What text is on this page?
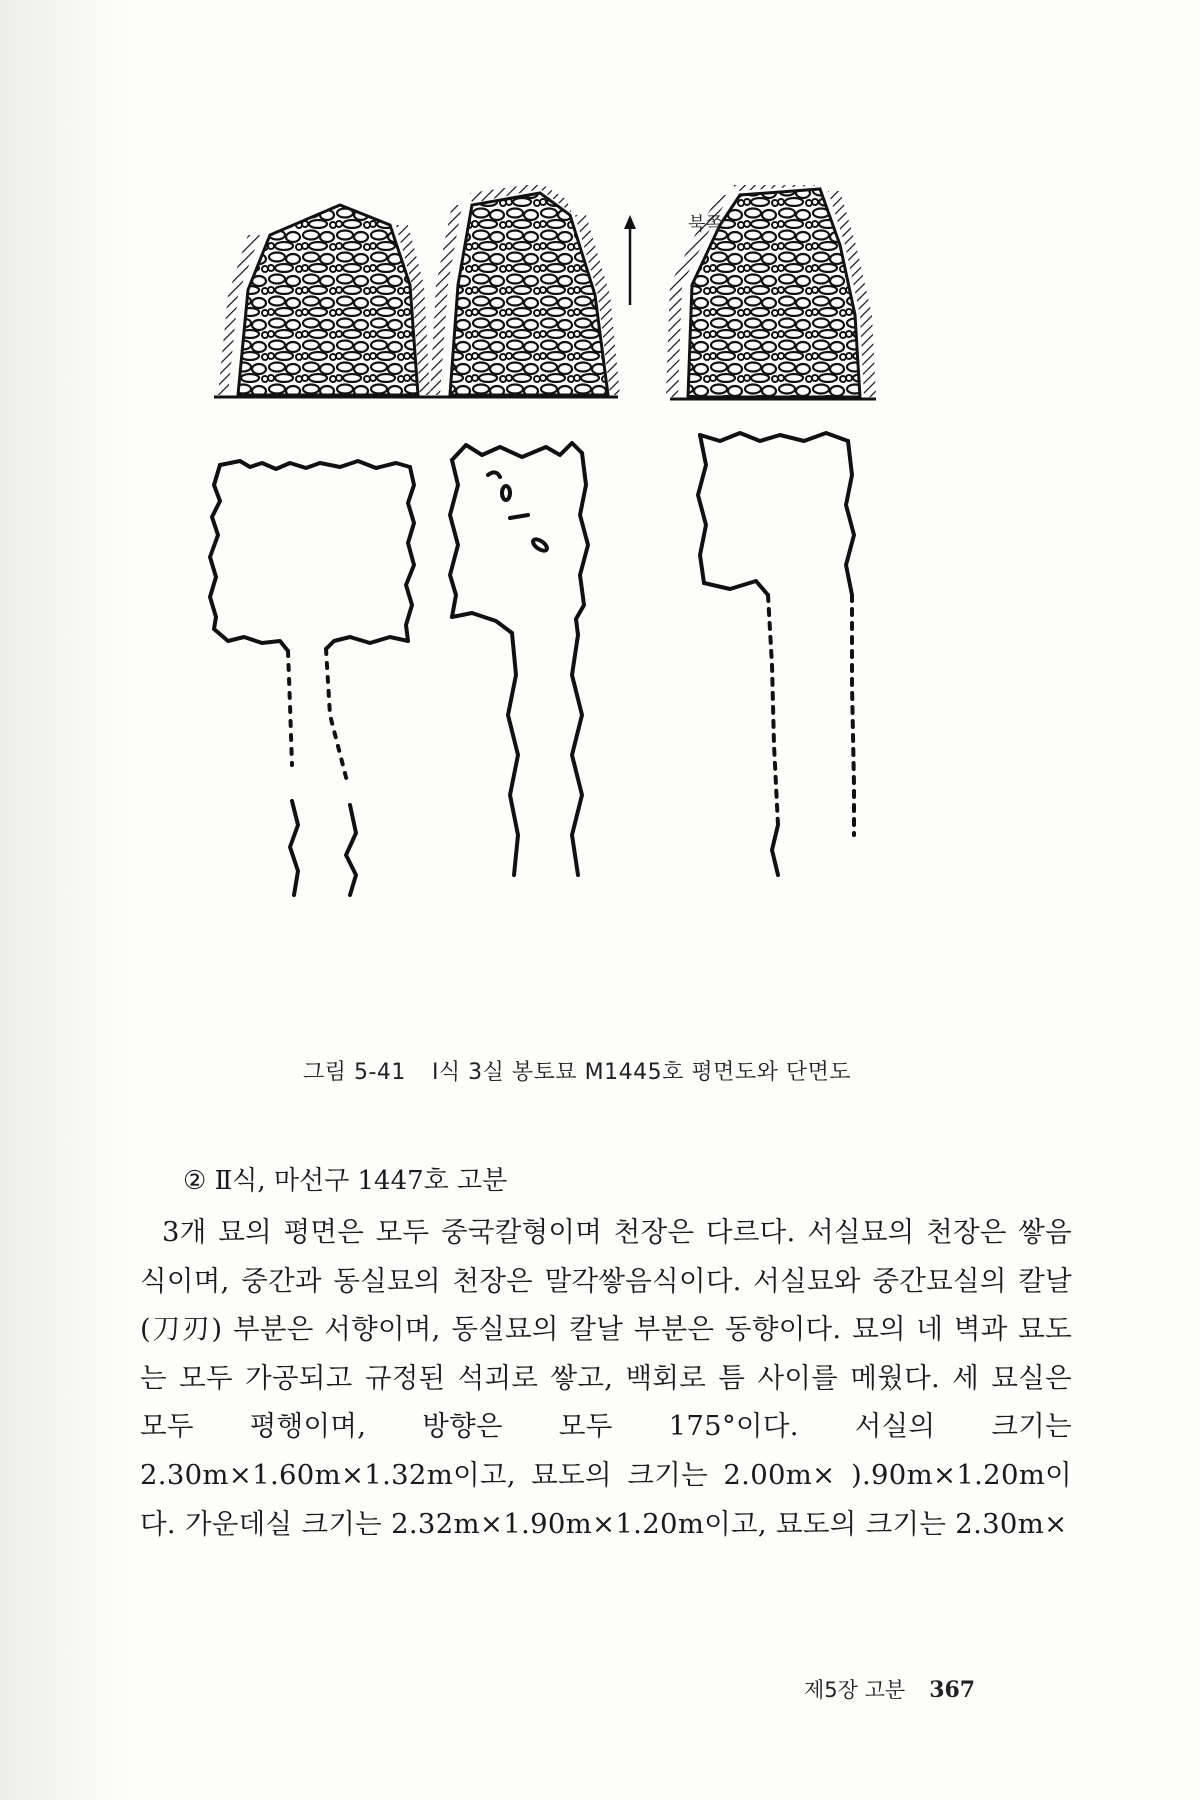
북쪽
그림 5-41 Ⅰ식 3실 봉토묘 M1445호 평면도와 단면도
② Ⅱ식, 마선구 1447호 고분
3개 묘의 평면은 모두 중국칼형이며 천장은 다르다. 서실묘의 천장은 쌓음식이며, 중간과 동실묘의 천장은 말각쌓음식이다. 서실묘와 중간묘실의 칼날(刀刃) 부분은 서향이며, 동실묘의 칼날 부분은 동향이다. 묘의 네 벽과 묘도는 모두 가공되고 규정된 석괴로 쌓고, 백회로 틈 사이를 메웠다. 세 묘실은 모두 평행이며, 방향은 모두 175°이다. 서실의 크기는 2.30m×1.60m×1.32m이고, 묘도의 크기는 2.00m× ).90m×1.20m이다. 가운데실 크기는 2.32m×1.90m×1.20m이고, 묘도의 크기는 2.30m×
제5장 고분 367
